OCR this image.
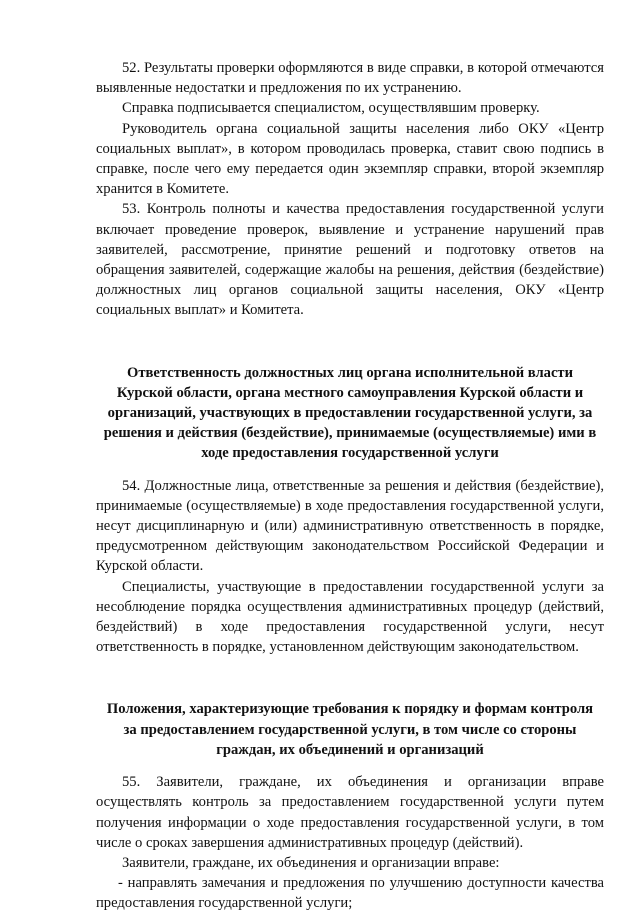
52. Результаты проверки оформляются в виде справки, в которой отмечаются выявленные недостатки и предложения по их устранению.

Справка подписывается специалистом, осуществлявшим проверку.

Руководитель органа социальной защиты населения либо ОКУ «Центр социальных выплат», в котором проводилась проверка, ставит свою подпись в справке, после чего ему передается один экземпляр справки, второй экземпляр хранится в Комитете.

53. Контроль полноты и качества предоставления государственной услуги включает проведение проверок, выявление и устранение нарушений прав заявителей, рассмотрение, принятие решений и подготовку ответов на обращения заявителей, содержащие жалобы на решения, действия (бездействие) должностных лиц органов социальной защиты населения, ОКУ «Центр социальных выплат» и Комитета.

Ответственность должностных лиц органа исполнительной власти Курской области, органа местного самоуправления Курской области и организаций, участвующих в предоставлении государственной услуги, за решения и действия (бездействие), принимаемые (осуществляемые) ими в ходе предоставления государственной услуги

54. Должностные лица, ответственные за решения и действия (бездействие), принимаемые (осуществляемые) в ходе предоставления государственной услуги, несут дисциплинарную и (или) административную ответственность в порядке, предусмотренном действующим законодательством Российской Федерации и Курской области.

Специалисты, участвующие в предоставлении государственной услуги за несоблюдение порядка осуществления административных процедур (действий, бездействий) в ходе предоставления государственной услуги, несут ответственность в порядке, установленном действующим законодательством.

Положения, характеризующие требования к порядку и формам контроля за предоставлением государственной услуги, в том числе со стороны граждан, их объединений и организаций

55. Заявители, граждане, их объединения и организации вправе осуществлять контроль за предоставлением государственной услуги путем получения информации о ходе предоставления государственной услуги, в том числе о сроках завершения административных процедур (действий).

Заявители, граждане, их объединения и организации вправе:

- направлять замечания и предложения по улучшению доступности качества предоставления государственной услуги;
